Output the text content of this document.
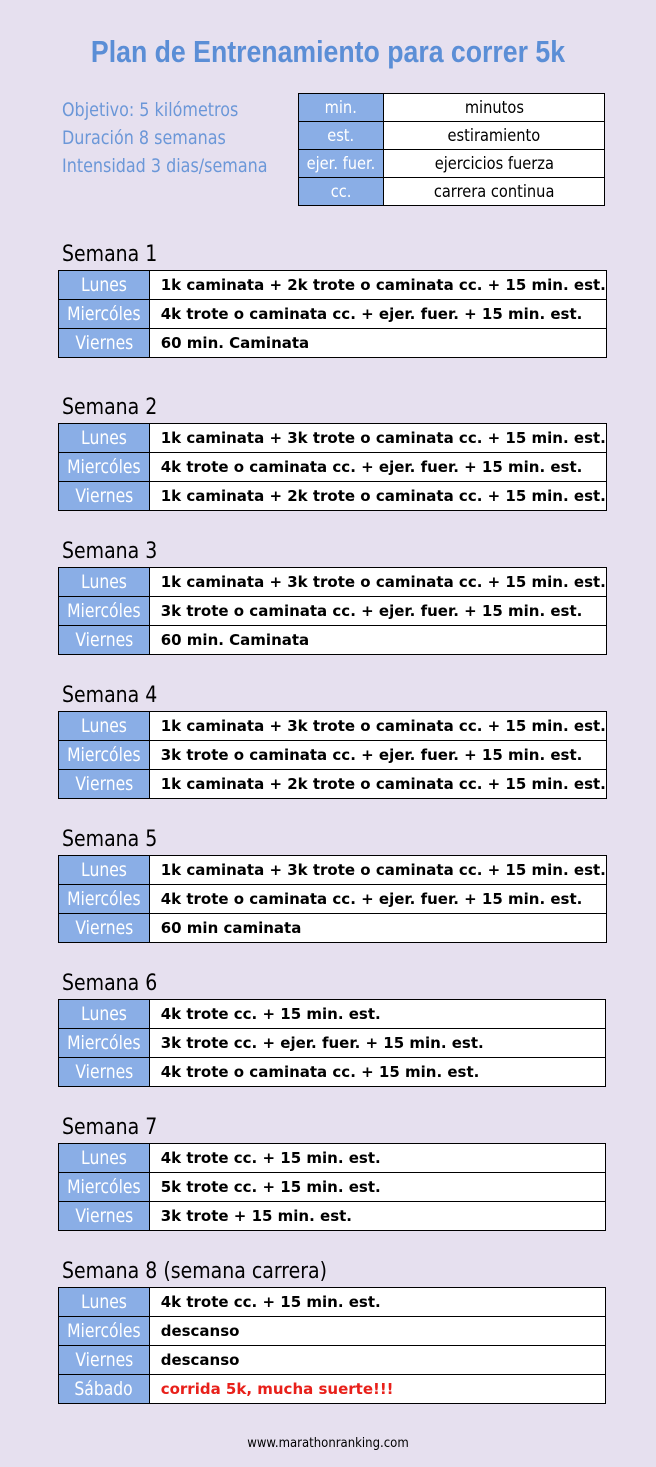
Plan de Entrenamiento para correr 5k
Objetivo: 5 kilómetros
Duración 8 semanas
Intensidad 3 dias/semana
min.	minutos
est.	estiramiento
ejer. fuer.	ejercicios fuerza
cc.	carrera continua
Semana 1
Lunes	1k caminata + 2k trote o caminata cc. + 15 min. est.
Miercóles	4k trote o caminata cc. + ejer. fuer. + 15 min. est.
Viernes	60 min. Caminata
Semana 2
Lunes	1k caminata + 3k trote o caminata cc. + 15 min. est.
Miercóles	4k trote o caminata cc. + ejer. fuer. + 15 min. est.
Viernes	1k caminata + 2k trote o caminata cc. + 15 min. est.
Semana 3
Lunes	1k caminata + 3k trote o caminata cc. + 15 min. est.
Miercóles	3k trote o caminata cc. + ejer. fuer. + 15 min. est.
Viernes	60 min. Caminata
Semana 4
Lunes	1k caminata + 3k trote o caminata cc. + 15 min. est.
Miercóles	3k trote o caminata cc. + ejer. fuer. + 15 min. est.
Viernes	1k caminata + 2k trote o caminata cc. + 15 min. est.
Semana 5
Lunes	1k caminata + 3k trote o caminata cc. + 15 min. est.
Miercóles	4k trote o caminata cc. + ejer. fuer. + 15 min. est.
Viernes	60 min caminata
Semana 6
Lunes	4k trote cc. + 15 min. est.
Miercóles	3k trote cc. + ejer. fuer. + 15 min. est.
Viernes	4k trote o caminata cc. + 15 min. est.
Semana 7
Lunes	4k trote cc. + 15 min. est.
Miercóles	5k trote cc. + 15 min. est.
Viernes	3k trote + 15 min. est.
Semana 8 (semana carrera)
Lunes	4k trote cc. + 15 min. est.
Miercóles	descanso
Viernes	descanso
Sábado	corrida 5k, mucha suerte!!!
www.marathonranking.com
